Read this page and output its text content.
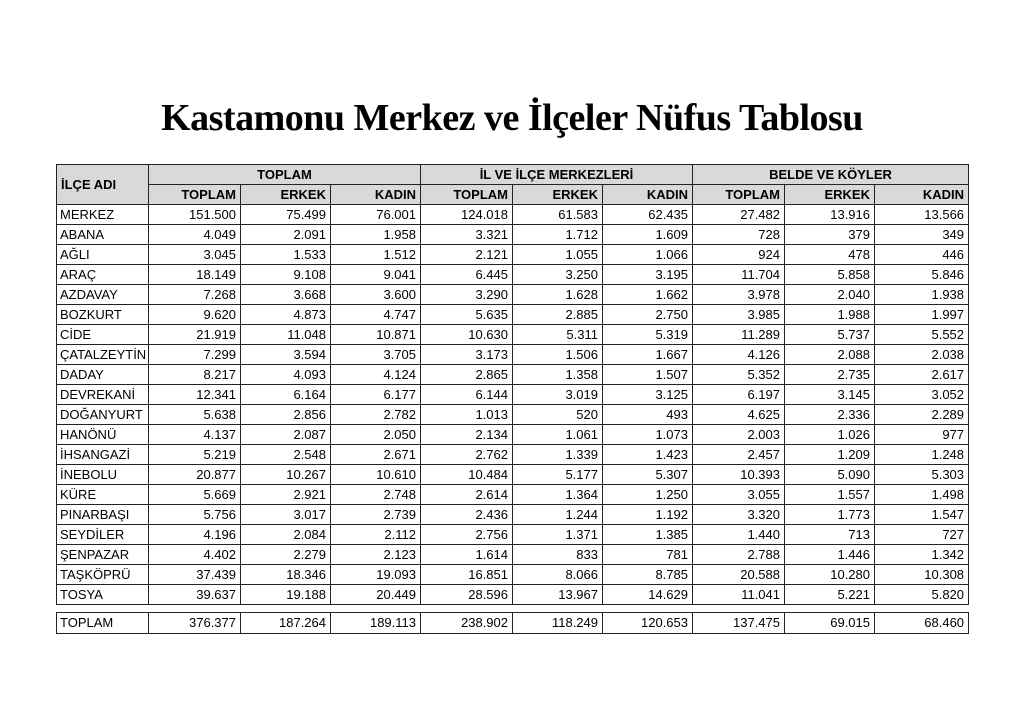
Kastamonu Merkez ve İlçeler Nüfus Tablosu
İLÇE ADI	TOPLAM			İL VE İLÇE MERKEZLERİ			BELDE VE KÖYLER		
	TOPLAM	ERKEK	KADIN	TOPLAM	ERKEK	KADIN	TOPLAM	ERKEK	KADIN
MERKEZ	151.500	75.499	76.001	124.018	61.583	62.435	27.482	13.916	13.566
ABANA	4.049	2.091	1.958	3.321	1.712	1.609	728	379	349
AĞLI	3.045	1.533	1.512	2.121	1.055	1.066	924	478	446
ARAÇ	18.149	9.108	9.041	6.445	3.250	3.195	11.704	5.858	5.846
AZDAVAY	7.268	3.668	3.600	3.290	1.628	1.662	3.978	2.040	1.938
BOZKURT	9.620	4.873	4.747	5.635	2.885	2.750	3.985	1.988	1.997
CİDE	21.919	11.048	10.871	10.630	5.311	5.319	11.289	5.737	5.552
ÇATALZEYTİN	7.299	3.594	3.705	3.173	1.506	1.667	4.126	2.088	2.038
DADAY	8.217	4.093	4.124	2.865	1.358	1.507	5.352	2.735	2.617
DEVREKANİ	12.341	6.164	6.177	6.144	3.019	3.125	6.197	3.145	3.052
DOĞANYURT	5.638	2.856	2.782	1.013	520	493	4.625	2.336	2.289
HANÖNÜ	4.137	2.087	2.050	2.134	1.061	1.073	2.003	1.026	977
İHSANGAZİ	5.219	2.548	2.671	2.762	1.339	1.423	2.457	1.209	1.248
İNEBOLU	20.877	10.267	10.610	10.484	5.177	5.307	10.393	5.090	5.303
KÜRE	5.669	2.921	2.748	2.614	1.364	1.250	3.055	1.557	1.498
PINARBAŞI	5.756	3.017	2.739	2.436	1.244	1.192	3.320	1.773	1.547
SEYDİLER	4.196	2.084	2.112	2.756	1.371	1.385	1.440	713	727
ŞENPAZAR	4.402	2.279	2.123	1.614	833	781	2.788	1.446	1.342
TAŞKÖPRÜ	37.439	18.346	19.093	16.851	8.066	8.785	20.588	10.280	10.308
TOSYA	39.637	19.188	20.449	28.596	13.967	14.629	11.041	5.221	5.820

TOPLAM	376.377	187.264	189.113	238.902	118.249	120.653	137.475	69.015	68.460
